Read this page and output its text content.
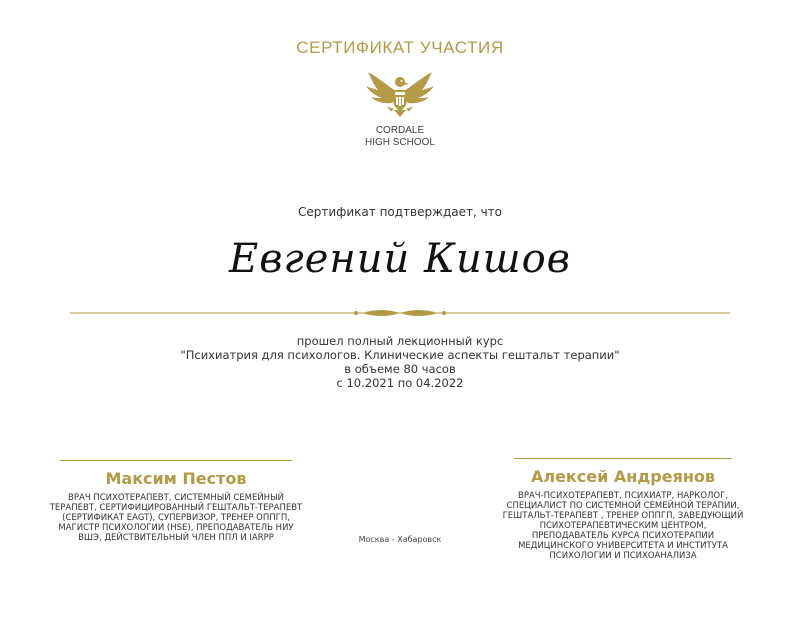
СЕРТИФИКАТ УЧАСТИЯ
CORDALE
HIGH SCHOOL
Сертификат подтверждает, что
Евгений Кишов
прошел полный лекционный курс
"Психиатрия для психологов. Клинические аспекты гештальт терапии"
в объеме 80 часов
с 10.2021 по 04.2022
Максим Пестов
ВРАЧ ПСИХОТЕРАПЕВТ, СИСТЕМНЫЙ СЕМЕЙНЫЙ
ТЕРАПЕВТ, СЕРТИФИЦИРОВАННЫЙ ГЕШТАЛЬТ-ТЕРАПЕВТ
(СЕРТИФИКАТ EAGT), СУПЕРВИЗОР, ТРЕНЕР ОППГП,
МАГИСТР ПСИХОЛОГИИ (HSE), ПРЕПОДАВАТЕЛЬ НИУ
ВШЭ, ДЕЙСТВИТЕЛЬНЫЙ ЧЛЕН ППЛ И IARPP	Москва - Хабаровск
Алексей Андреянов
ВРАЧ-ПСИХОТЕРАПЕВТ, ПСИХИАТР, НАРКОЛОГ,
СПЕЦИАЛИСТ ПО СИСТЕМНОЙ СЕМЕЙНОЙ ТЕРАПИИ,
ГЕШТАЛЬТ-ТЕРАПЕВТ , ТРЕНЕР ОППГП, ЗАВЕДУЮЩИЙ
ПСИХОТЕРАПЕВТИЧЕСКИМ ЦЕНТРОМ,
ПРЕПОДАВАТЕЛЬ КУРСА ПСИХОТЕРАПИИ
МЕДИЦИНСКОГО УНИВЕРСИТЕТА И ИНСТИТУТА
ПСИХОЛОГИИ И ПСИХОАНАЛИЗА
